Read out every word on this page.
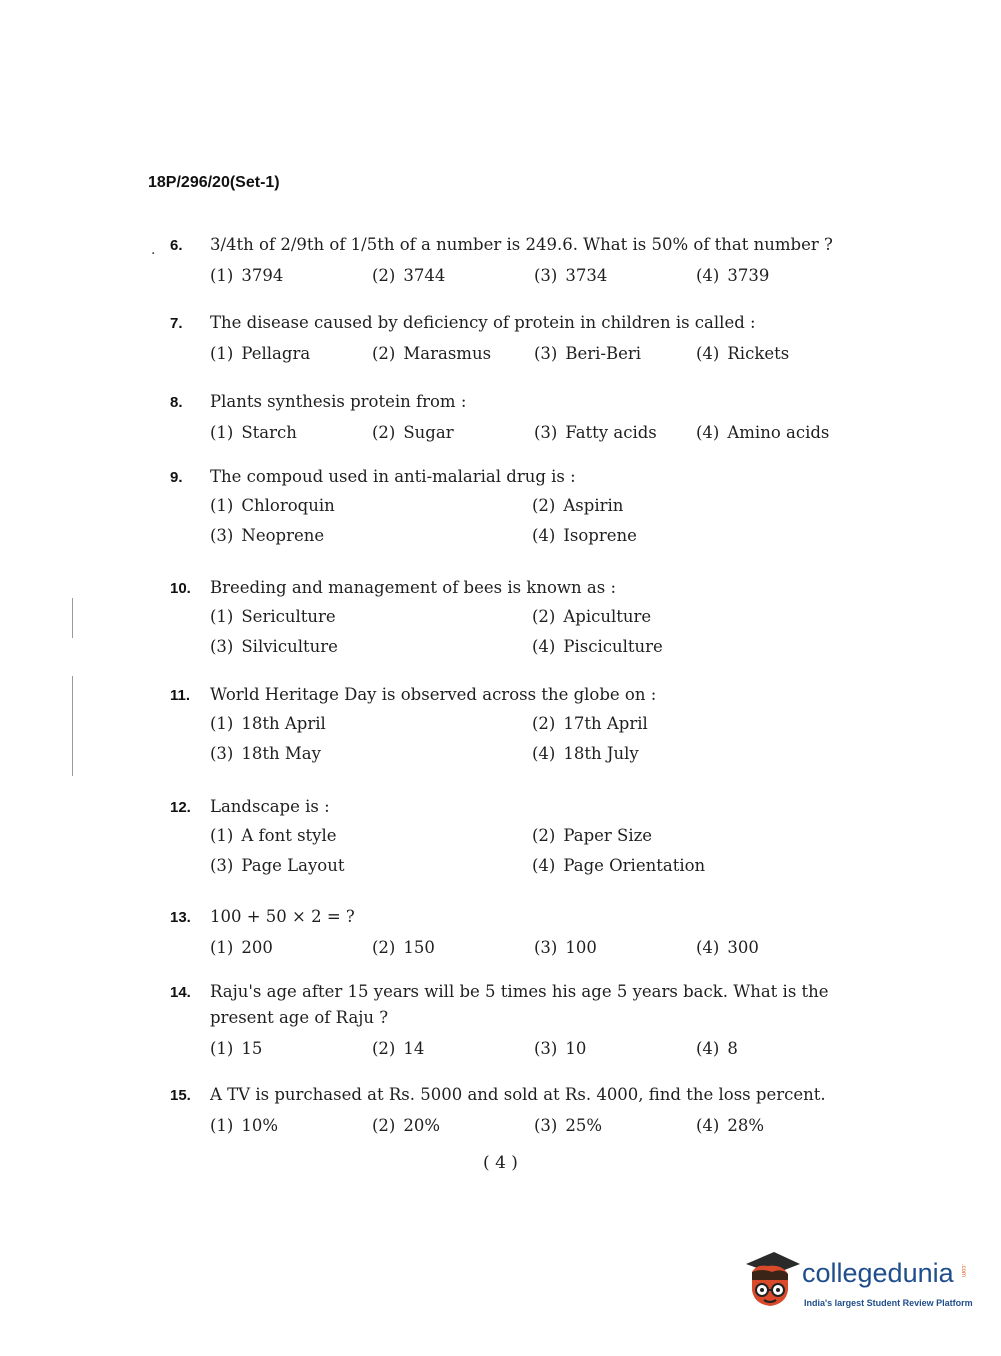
18P/296/20(Set-1)
. 6.	3/4th of 2/9th of 1/5th of a number is 249.6. What is 50% of that number ?
(1) 3794	(2) 3744	(3) 3734	(4) 3739
7.	The disease caused by deficiency of protein in children is called :
(1) Pellagra	(2) Marasmus	(3) Beri-Beri	(4) Rickets
8.	Plants synthesis protein from :
(1) Starch	(2) Sugar	(3) Fatty acids	(4) Amino acids
9.	The compoud used in anti-malarial drug is :
(1) Chloroquin	(2) Aspirin
(3) Neoprene	(4) Isoprene
10.	Breeding and management of bees is known as :
(1) Sericulture	(2) Apiculture
(3) Silviculture	(4) Pisciculture
11.	World Heritage Day is observed across the globe on :
(1) 18th April	(2) 17th April
(3) 18th May	(4) 18th July
12.	Landscape is :
(1) A font style	(2) Paper Size
(3) Page Layout	(4) Page Orientation
13.	100 + 50 × 2 = ?
(1) 200	(2) 150	(3) 100	(4) 300
14.	Raju's age after 15 years will be 5 times his age 5 years back. What is the present age of Raju ?
(1) 15	(2) 14	(3) 10	(4) 8
15.	A TV is purchased at Rs. 5000 and sold at Rs. 4000, find the loss percent.
(1) 10%	(2) 20%	(3) 25%	(4) 28%
( 4 )
collegedunia .com
India's largest Student Review Platform
